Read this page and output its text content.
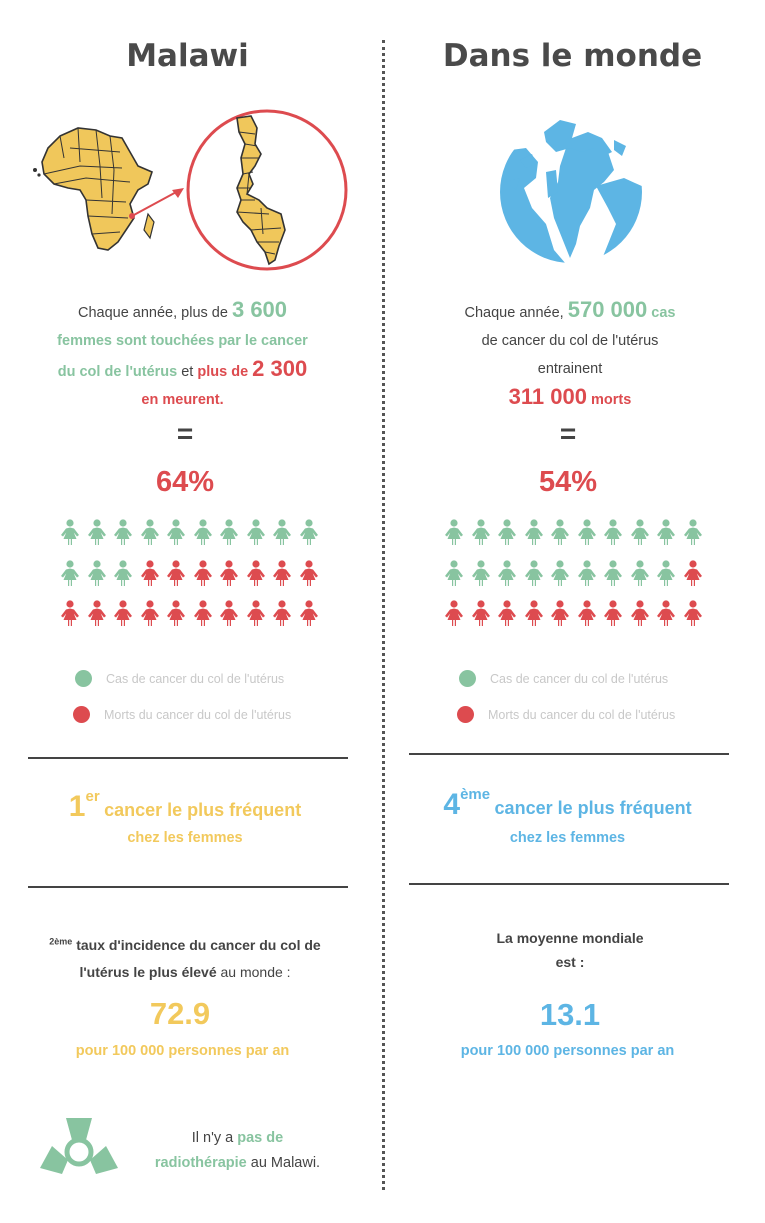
Malawi	Dans le monde
Chaque année, plus de 3 600
femmes sont touchées par le cancer
du col de l'utérus et plus de 2 300
en meurent.
Chaque année, 570 000 cas
de cancer du col de l'utérus
entrainent
311 000 morts
=	=
64%	54%
Cas de cancer du col de l'utérus
Morts du cancer du col de l'utérus
Cas de cancer du col de l'utérus
Morts du cancer du col de l'utérus
1er cancer le plus fréquent
chez les femmes
4ème cancer le plus fréquent
chez les femmes
$^{2ème}$ taux d'incidence du cancer du col de
l'utérus le plus élevé au monde :
72.9
pour 100 000 personnes par an
La moyenne mondiale
est :
13.1
pour 100 000 personnes par an
Il n'y a pas de
radiothérapie au Malawi.
